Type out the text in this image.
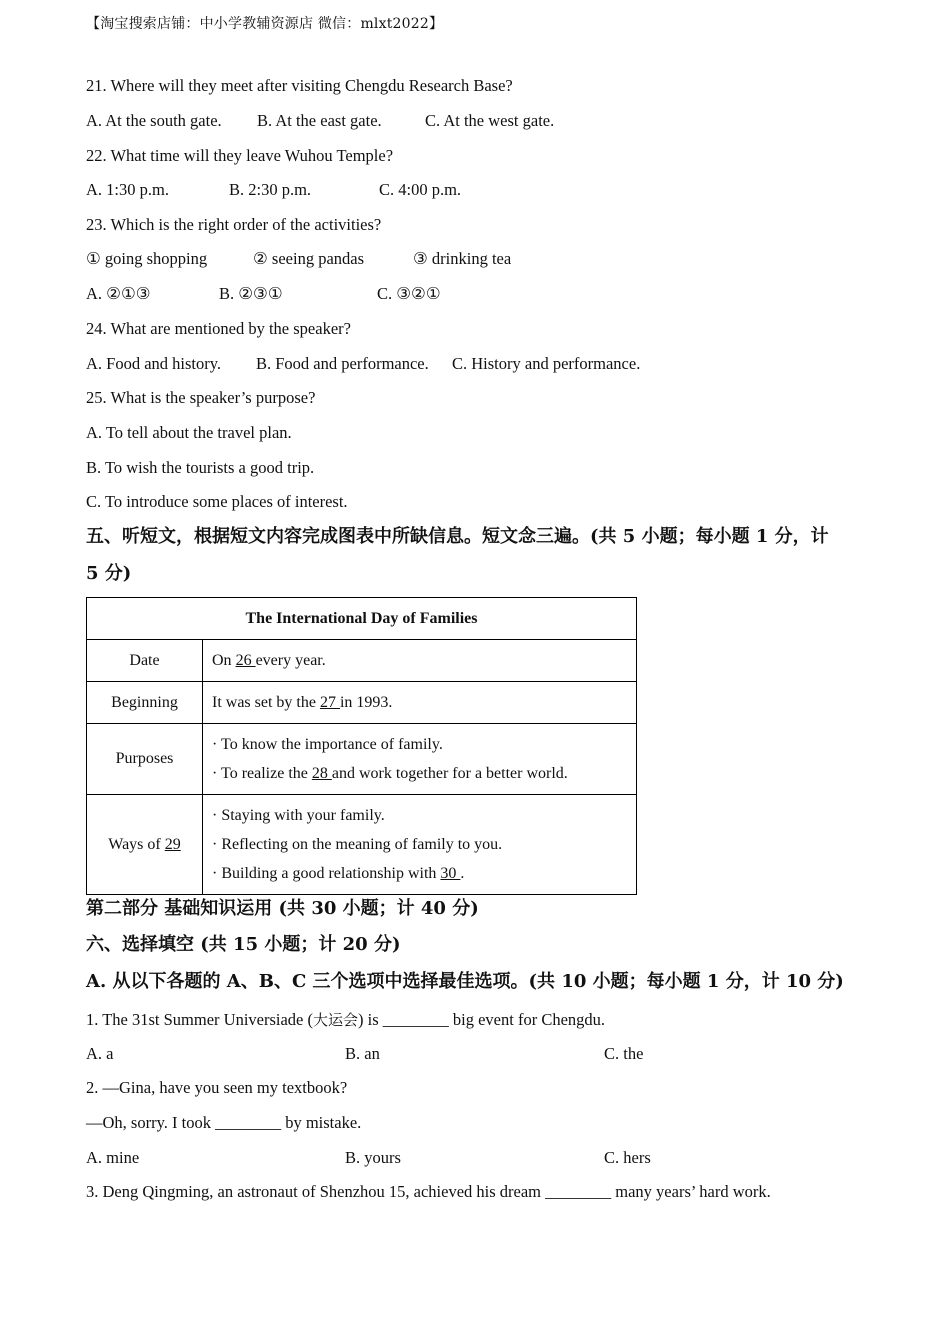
【淘宝搜索店铺：中小学教辅资源店 微信：mlxt2022】
21. Where will they meet after visiting Chengdu Research Base?
A. At the south gate. B. At the east gate.	C. At the west gate.
22. What time will they leave Wuhou Temple?
A. 1:30 p.m.	B. 2:30 p.m.	C. 4:00 p.m.
23. Which is the right order of the activities?
① going shopping	② seeing pandas	③ drinking tea
A. ②①③	B. ②③①	C. ③②①
24. What are mentioned by the speaker?
A. Food and history. B. Food and performance. C. History and performance.
25. What is the speaker’s purpose?
A. To tell about the travel plan.
B. To wish the tourists a good trip.
C. To introduce some places of interest.
五、听短文，根据短文内容完成图表中所缺信息。短文念三遍。(共 5 小题；每小题 1 分，计
5 分)
The International Day of Families	
Date	On 26 every year.
Beginning	It was set by the 27 in 1993.
Purposes	· To know the importance of family.
· To realize the 28 and work together for a better world.

Ways of 29	· Staying with your family.
· Reflecting on the meaning of family to you.
· Building a good relationship with 30 .
第二部分 基础知识运用 (共 30 小题；计 40 分)
六、选择填空 (共 15 小题；计 20 分)
A. 从以下各题的 A、B、C 三个选项中选择最佳选项。(共 10 小题；每小题 1 分，计 10 分)
1. The 31st Summer Universiade (大运会) is ________ big event for Chengdu.
A. a	B. an	C. the
2. —Gina, have you seen my textbook?
—Oh, sorry. I took ________ by mistake.
A. mine	B. yours	C. hers
3. Deng Qingming, an astronaut of Shenzhou 15, achieved his dream ________ many years’ hard work.
